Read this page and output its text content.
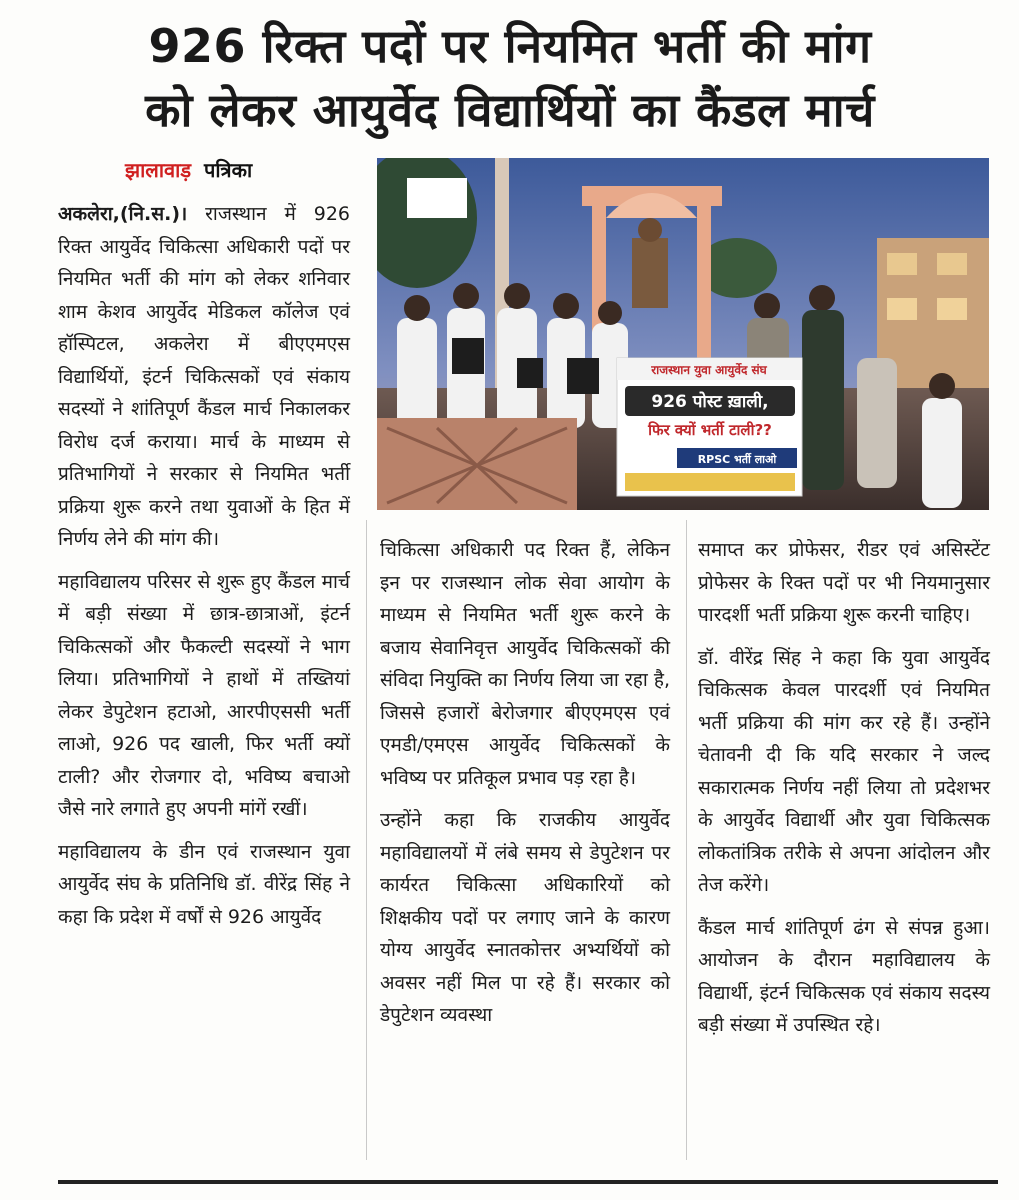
926 रिक्त पदों पर नियमित भर्ती की मांग
को लेकर आयुर्वेद विद्यार्थियों का कैंडल मार्च
झालावाड़ पत्रिका
राजस्थान युवा आयुर्वेद संघ
926 पोस्ट ख़ाली,
फिर क्यों भर्ती टाली??
RPSC भर्ती लाओ

अकलेरा,(नि.स.)। राजस्थान में 926 रिक्त आयुर्वेद चिकित्सा अधिकारी पदों पर नियमित भर्ती की मांग को लेकर शनिवार शाम केशव आयुर्वेद मेडिकल कॉलेज एवं हॉस्पिटल, अकलेरा में बीएएमएस विद्यार्थियों, इंटर्न चिकित्सकों एवं संकाय सदस्यों ने शांतिपूर्ण कैंडल मार्च निकालकर विरोध दर्ज कराया। मार्च के माध्यम से प्रतिभागियों ने सरकार से नियमित भर्ती प्रक्रिया शुरू करने तथा युवाओं के हित में निर्णय लेने की मांग की।

महाविद्यालय परिसर से शुरू हुए कैंडल मार्च में बड़ी संख्या में छात्र-छात्राओं, इंटर्न चिकित्सकों और फैकल्टी सदस्यों ने भाग लिया। प्रतिभागियों ने हाथों में तख्तियां लेकर डेपुटेशन हटाओ, आरपीएससी भर्ती लाओ, 926 पद खाली, फिर भर्ती क्यों टाली? और रोजगार दो, भविष्य बचाओ जैसे नारे लगाते हुए अपनी मांगें रखीं।

महाविद्यालय के डीन एवं राजस्थान युवा आयुर्वेद संघ के प्रतिनिधि डॉ. वीरेंद्र सिंह ने कहा कि प्रदेश में वर्षों से 926 आयुर्वेद

चिकित्सा अधिकारी पद रिक्त हैं, लेकिन इन पर राजस्थान लोक सेवा आयोग के माध्यम से नियमित भर्ती शुरू करने के बजाय सेवानिवृत्त आयुर्वेद चिकित्सकों की संविदा नियुक्ति का निर्णय लिया जा रहा है, जिससे हजारों बेरोजगार बीएएमएस एवं एमडी/एमएस आयुर्वेद चिकित्सकों के भविष्य पर प्रतिकूल प्रभाव पड़ रहा है।

उन्होंने कहा कि राजकीय आयुर्वेद महाविद्यालयों में लंबे समय से डेपुटेशन पर कार्यरत चिकित्सा अधिकारियों को शिक्षकीय पदों पर लगाए जाने के कारण योग्य आयुर्वेद स्नातकोत्तर अभ्यर्थियों को अवसर नहीं मिल पा रहे हैं। सरकार को डेपुटेशन व्यवस्था

समाप्त कर प्रोफेसर, रीडर एवं असिस्टेंट प्रोफेसर के रिक्त पदों पर भी नियमानुसार पारदर्शी भर्ती प्रक्रिया शुरू करनी चाहिए।

डॉ. वीरेंद्र सिंह ने कहा कि युवा आयुर्वेद चिकित्सक केवल पारदर्शी एवं नियमित भर्ती प्रक्रिया की मांग कर रहे हैं। उन्होंने चेतावनी दी कि यदि सरकार ने जल्द सकारात्मक निर्णय नहीं लिया तो प्रदेशभर के आयुर्वेद विद्यार्थी और युवा चिकित्सक लोकतांत्रिक तरीके से अपना आंदोलन और तेज करेंगे।

कैंडल मार्च शांतिपूर्ण ढंग से संपन्न हुआ। आयोजन के दौरान महाविद्यालय के विद्यार्थी, इंटर्न चिकित्सक एवं संकाय सदस्य बड़ी संख्या में उपस्थित रहे।
